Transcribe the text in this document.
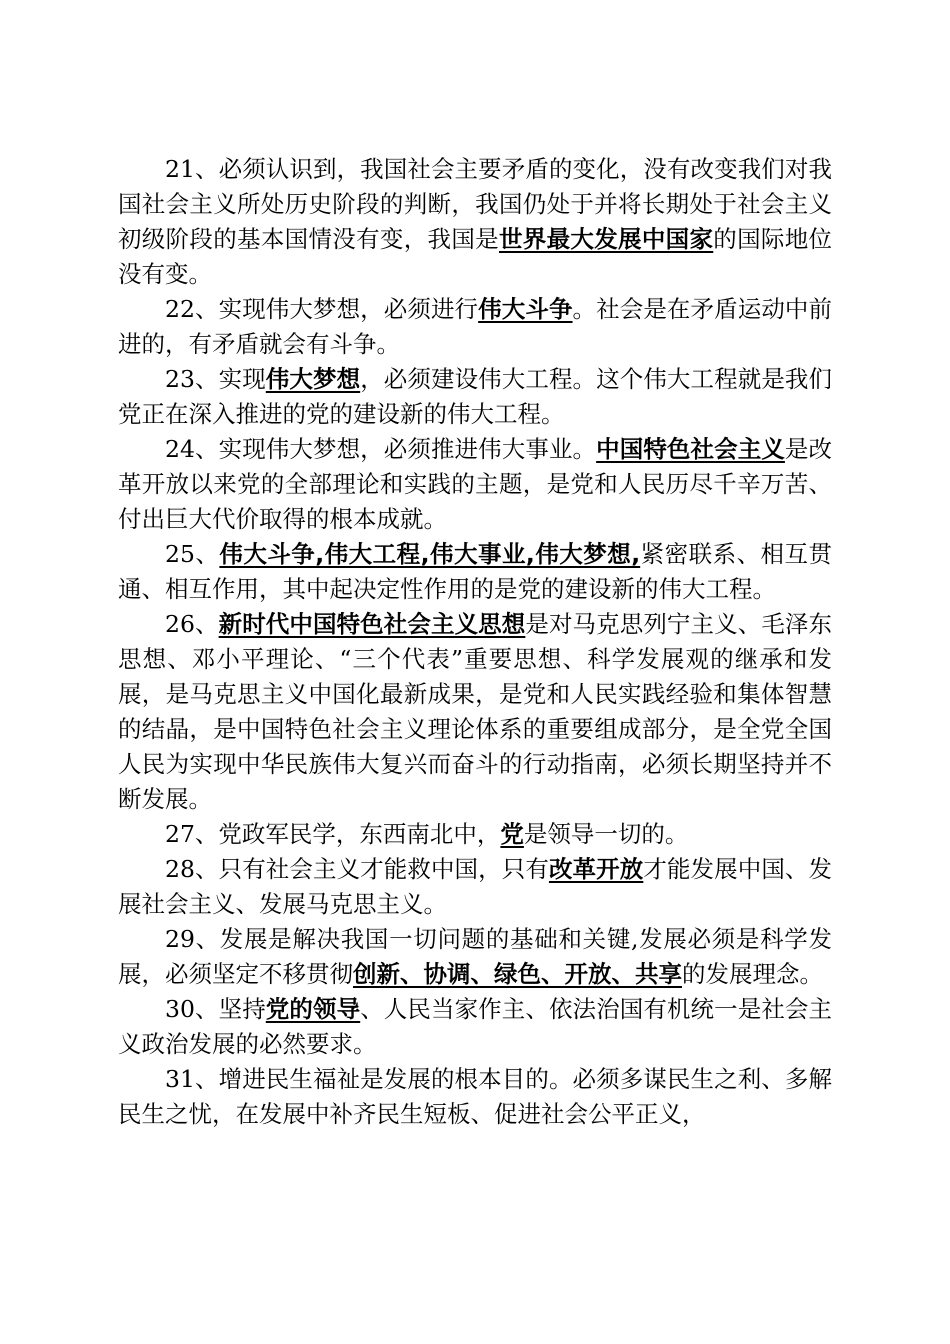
21、必须认识到，我国社会主要矛盾的变化，没有改变我们对我国社会主义所处历史阶段的判断，我国仍处于并将长期处于社会主义初级阶段的基本国情没有变，我国是世界最大发展中国家的国际地位没有变。

22、实现伟大梦想，必须进行伟大斗争。社会是在矛盾运动中前进的，有矛盾就会有斗争。

23、实现伟大梦想，必须建设伟大工程。这个伟大工程就是我们党正在深入推进的党的建设新的伟大工程。

24、实现伟大梦想，必须推进伟大事业。中国特色社会主义是改革开放以来党的全部理论和实践的主题，是党和人民历尽千辛万苦、付出巨大代价取得的根本成就。

25、伟大斗争,伟大工程,伟大事业,伟大梦想,紧密联系、相互贯通、相互作用，其中起决定性作用的是党的建设新的伟大工程。

26、新时代中国特色社会主义思想是对马克思列宁主义、毛泽东思想、邓小平理论、“三个代表”重要思想、科学发展观的继承和发展，是马克思主义中国化最新成果，是党和人民实践经验和集体智慧的结晶，是中国特色社会主义理论体系的重要组成部分，是全党全国人民为实现中华民族伟大复兴而奋斗的行动指南，必须长期坚持并不断发展。

27、党政军民学，东西南北中，党是领导一切的。

28、只有社会主义才能救中国，只有改革开放才能发展中国、发展社会主义、发展马克思主义。

29、发展是解决我国一切问题的基础和关键,发展必须是科学发展，必须坚定不移贯彻创新、协调、绿色、开放、共享的发展理念。

30、坚持党的领导、人民当家作主、依法治国有机统一是社会主义政治发展的必然要求。

31、增进民生福祉是发展的根本目的。必须多谋民生之利、多解民生之忧，在发展中补齐民生短板、促进社会公平正义，
